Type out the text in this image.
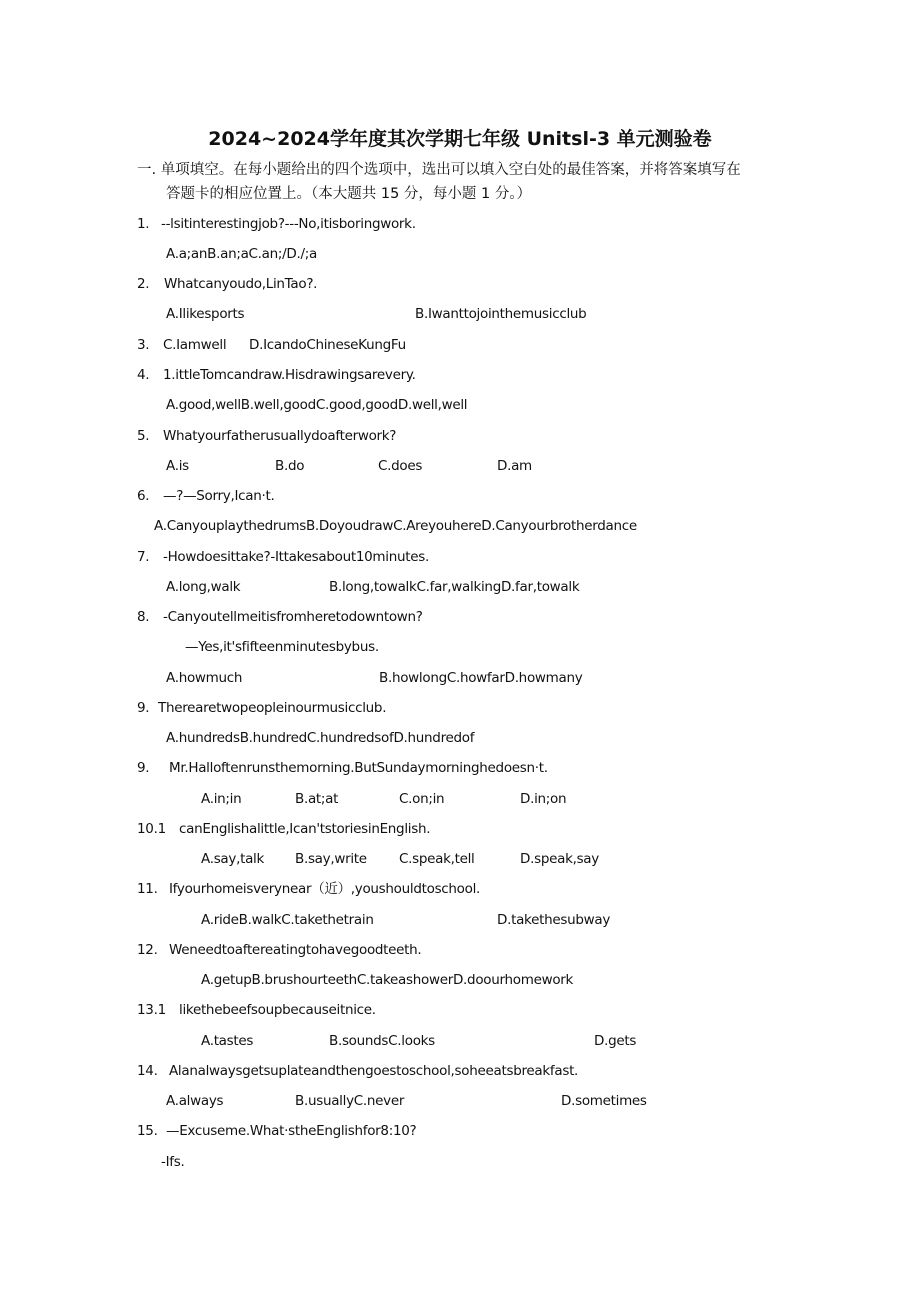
2024~2024学年度其次学期七年级 Unitsl-3 单元测验卷
一. 单项填空。在每小题给出的四个选项中，选出可以填入空白处的最佳答案，并将答案填写在
答题卡的相应位置上。（本大题共 15 分，每小题 1 分。）
1. --lsitinterestingjob?---No,itisboringwork.
A.a;anB.an;aC.an;/D./;a
2. Whatcanyoudo,LinTao?.
A.Ilikesports	B.Iwanttojointhemusicclub
3. C.Iamwell D.IcandoChineseKungFu
4. 1.ittleTomcandraw.Hisdrawingsarevery.
A.good,wellB.well,goodC.good,goodD.well,well
5. Whatyourfatherusuallydoafterwork?
A.is	B.do	C.does	D.am
6. —?—Sorry,Ican·t.
A.CanyouplaythedrumsB.DoyoudrawC.AreyouhereD.Canyourbrotherdance
7. -Howdoesittake?-Ittakesabout10minutes.
A.long,walk	B.long,towalkC.far,walkingD.far,towalk
8. -Canyoutellmeitisfromheretodowntown?
—Yes,it'sfifteenminutesbybus.
A.howmuch	B.howlongC.howfarD.howmany
9. Therearetwopeopleinourmusicclub.
A.hundredsB.hundredC.hundredsofD.hundredof
9. Mr.Halloftenrunsthemorning.ButSundaymorninghedoesn·t.
A.in;in	B.at;at	C.on;in	D.in;on
10.1 canEnglishalittle,Ican'tstoriesinEnglish.
A.say,talk B.say,write C.speak,tell	D.speak,say
11. Ifyourhomeisverynear（近）,youshouldtoschool.
A.rideB.walkC.takethetrain	D.takethesubway
12. Weneedtoaftereatingtohavegoodteeth.
A.getupB.brushourteethC.takeashowerD.doourhomework
13.1 likethebeefsoupbecauseitnice.
A.tastes	B.soundsC.looks	D.gets
14. Alanalwaysgetsuplateandthengoestoschool,soheeatsbreakfast.
A.always	B.usuallyC.never	D.sometimes
15. —Excuseme.What·stheEnglishfor8:10?
-Ifs.
